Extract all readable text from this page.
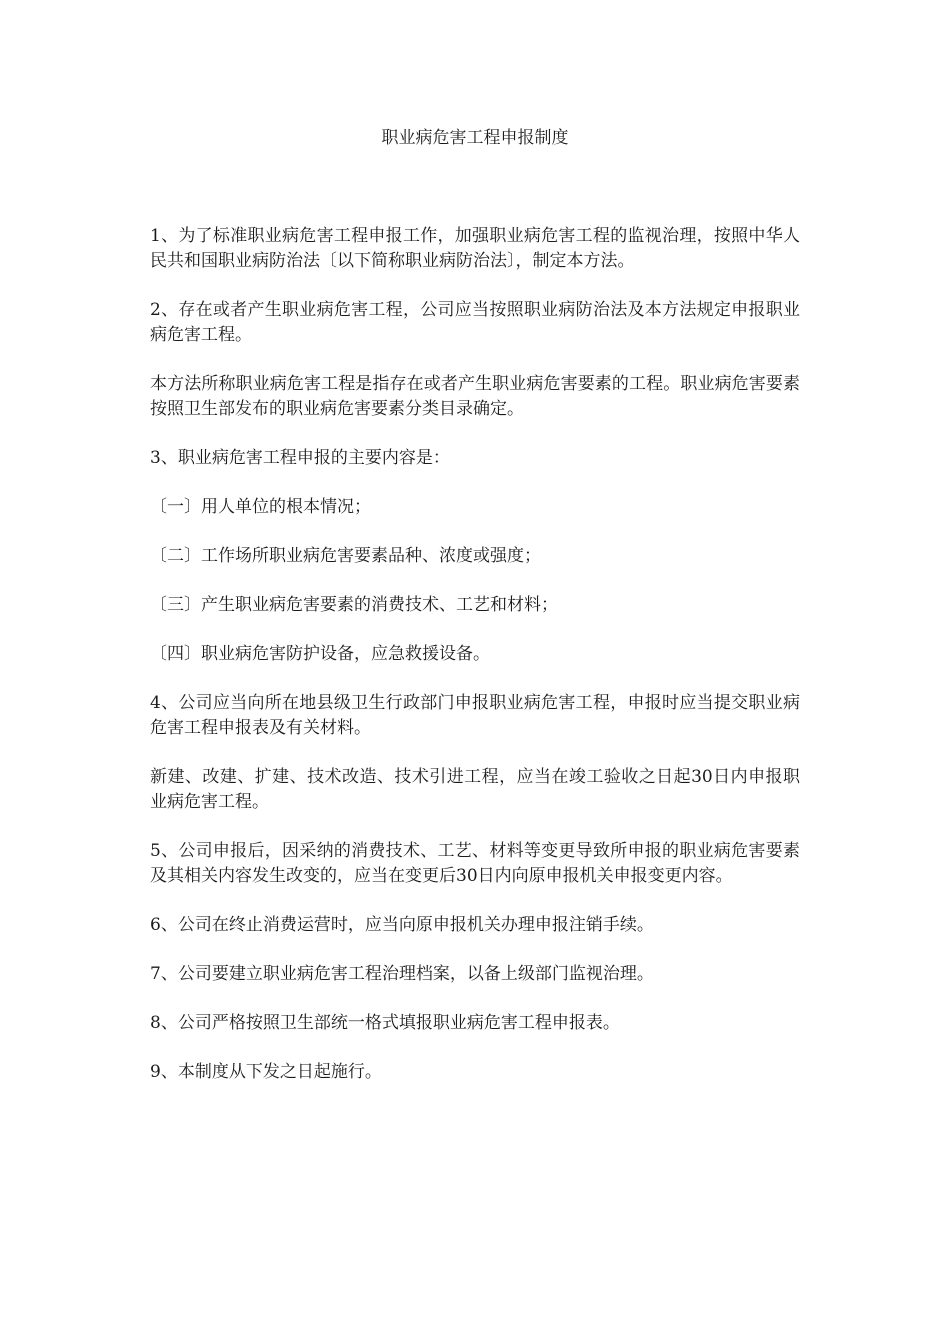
职业病危害工程申报制度

1、为了标准职业病危害工程申报工作，加强职业病危害工程的监视治理，按照中华人民共和国职业病防治法〔以下简称职业病防治法〕，制定本方法。

2、存在或者产生职业病危害工程，公司应当按照职业病防治法及本方法规定申报职业病危害工程。

本方法所称职业病危害工程是指存在或者产生职业病危害要素的工程。职业病危害要素按照卫生部发布的职业病危害要素分类目录确定。

3、职业病危害工程申报的主要内容是：

〔一〕用人单位的根本情况；

〔二〕工作场所职业病危害要素品种、浓度或强度；

〔三〕产生职业病危害要素的消费技术、工艺和材料；

〔四〕职业病危害防护设备，应急救援设备。

4、公司应当向所在地县级卫生行政部门申报职业病危害工程，申报时应当提交职业病危害工程申报表及有关材料。

新建、改建、扩建、技术改造、技术引进工程，应当在竣工验收之日起30日内申报职业病危害工程。

5、公司申报后，因采纳的消费技术、工艺、材料等变更导致所申报的职业病危害要素及其相关内容发生改变的，应当在变更后30日内向原申报机关申报变更内容。

6、公司在终止消费运营时，应当向原申报机关办理申报注销手续。

7、公司要建立职业病危害工程治理档案，以备上级部门监视治理。

8、公司严格按照卫生部统一格式填报职业病危害工程申报表。

9、本制度从下发之日起施行。
